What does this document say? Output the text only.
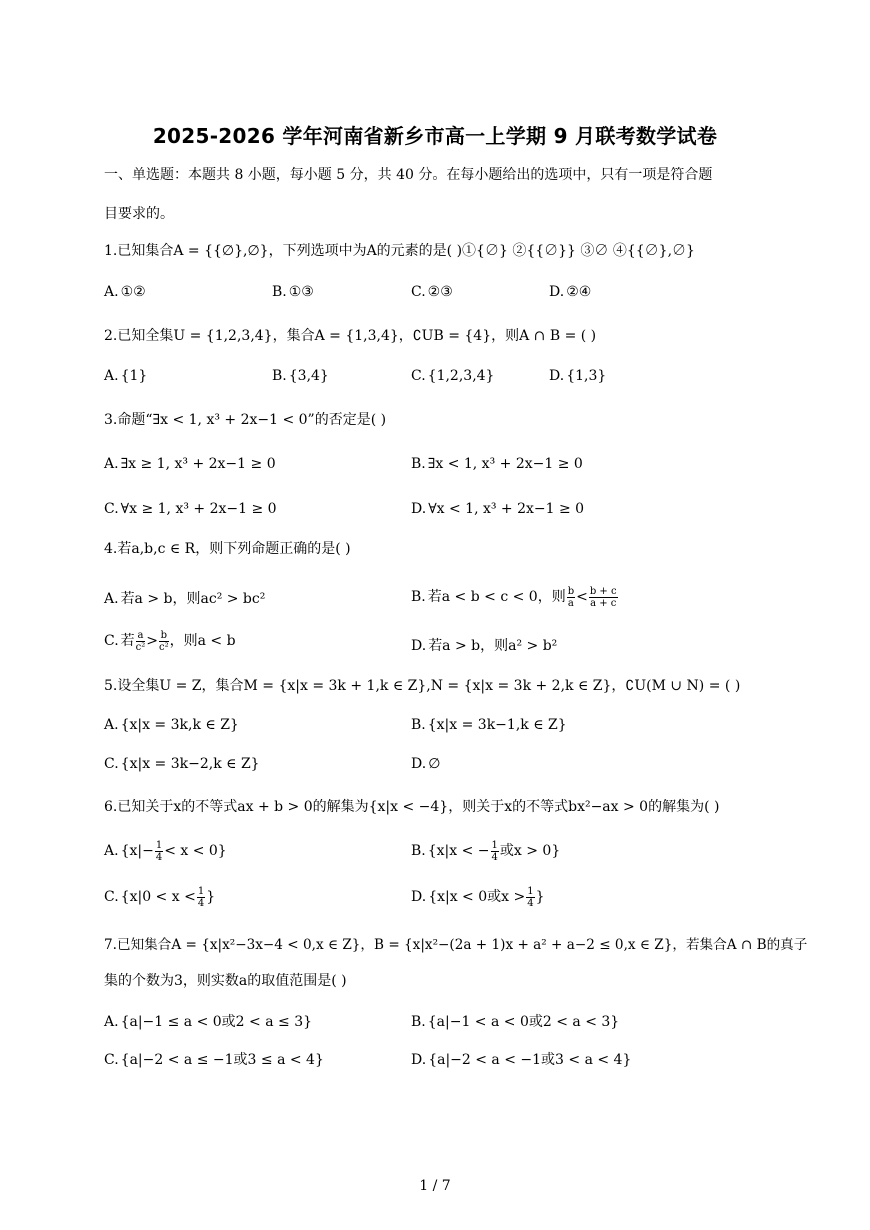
2025-2026 学年河南省新乡市高一上学期 9 月联考数学试卷
一、单选题：本题共 8 小题，每小题 5 分，共 40 分。在每小题给出的选项中，只有一项是符合题
目要求的。
1.已知集合A = {{∅},∅}，下列选项中为A的元素的是( )①{∅} ②{{∅}} ③∅ ④{{∅},∅}
A. ①②	B. ①③	C. ②③	D. ②④
2.已知全集U = {1,2,3,4}，集合A = {1,3,4}，∁UB = {4}，则A ∩ B = ( )
A. {1}	B. {3,4}	C. {1,2,3,4}	D. {1,3}
3.命题“∃x < 1, x³ + 2x−1 < 0”的否定是( )
A. ∃x ≥ 1, x³ + 2x−1 ≥ 0	B. ∃x < 1, x³ + 2x−1 ≥ 0
C. ∀x ≥ 1, x³ + 2x−1 ≥ 0	D. ∀x < 1, x³ + 2x−1 ≥ 0
4.若a,b,c ∈ R，则下列命题正确的是( )
A. 若a > b，则ac² > bc²	B. 若a < b < c < 0，则 $\frac{b}{a} < \frac{b + c}{a + c}$
C. 若 $\frac{a}{\text{c²}} > \frac{b}{\text{c²}}$ ，则a < b	D. 若a > b，则a² > b²
5.设全集U = Z，集合M = {x|x = 3k + 1,k ∈ Z},N = {x|x = 3k + 2,k ∈ Z}，∁U(M ∪ N) = ( )
A. {x|x = 3k,k ∈ Z}	B. {x|x = 3k−1,k ∈ Z}
C. {x|x = 3k−2,k ∈ Z}	D. ∅
6.已知关于x的不等式ax + b > 0的解集为{x|x < −4}，则关于x的不等式bx²−ax > 0的解集为( )
A. $\{x|- \frac{1}{4} < x < 0\}$	B. {x|x < − $\frac{1}{4}$ 或x > 0}
C. {$x|0 < x < \frac{1}{4}$ }	D. {x|x < 0或$x > \frac{1}{4}$ }
7.已知集合A = {x|x²−3x−4 < 0,x ∈ Z}，B = {x|x²−(2a + 1)x + a² + a−2 ≤ 0,x ∈ Z}，若集合A ∩ B的真子
集的个数为3，则实数a的取值范围是( )
A. {a|−1 ≤ a < 0或2 < a ≤ 3}	B. {a|−1 < a < 0或2 < a < 3}
C. {a|−2 < a ≤ −1或3 ≤ a < 4}	D. {a|−2 < a < −1或3 < a < 4}
1 / 7
